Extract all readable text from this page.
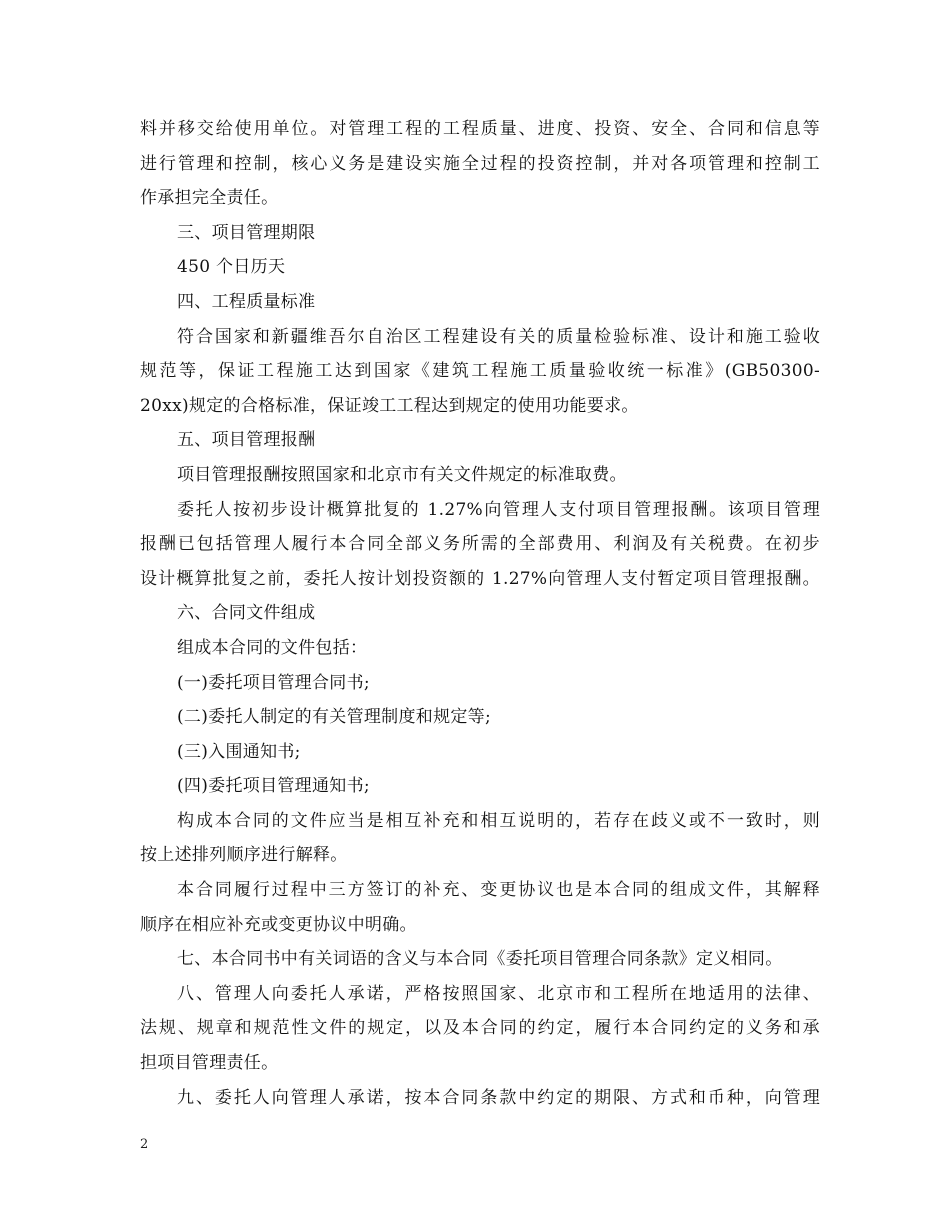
料并移交给使用单位。对管理工程的工程质量、进度、投资、安全、合同和信息等
进行管理和控制，核心义务是建设实施全过程的投资控制，并对各项管理和控制工
作承担完全责任。
三、项目管理期限
450 个日历天
四、工程质量标准
符合国家和新疆维吾尔自治区工程建设有关的质量检验标准、设计和施工验收
规范等，保证工程施工达到国家《建筑工程施工质量验收统一标准》(GB50300-
20xx)规定的合格标准，保证竣工工程达到规定的使用功能要求。
五、项目管理报酬
项目管理报酬按照国家和北京市有关文件规定的标准取费。
委托人按初步设计概算批复的 1.27%向管理人支付项目管理报酬。该项目管理
报酬已包括管理人履行本合同全部义务所需的全部费用、利润及有关税费。在初步
设计概算批复之前，委托人按计划投资额的 1.27%向管理人支付暂定项目管理报酬。
六、合同文件组成
组成本合同的文件包括：
(一)委托项目管理合同书;
(二)委托人制定的有关管理制度和规定等;
(三)入围通知书;
(四)委托项目管理通知书;
构成本合同的文件应当是相互补充和相互说明的，若存在歧义或不一致时，则
按上述排列顺序进行解释。
本合同履行过程中三方签订的补充、变更协议也是本合同的组成文件，其解释
顺序在相应补充或变更协议中明确。
七、本合同书中有关词语的含义与本合同《委托项目管理合同条款》定义相同。
八、管理人向委托人承诺，严格按照国家、北京市和工程所在地适用的法律、
法规、规章和规范性文件的规定，以及本合同的约定，履行本合同约定的义务和承
担项目管理责任。
九、委托人向管理人承诺，按本合同条款中约定的期限、方式和币种，向管理
2
